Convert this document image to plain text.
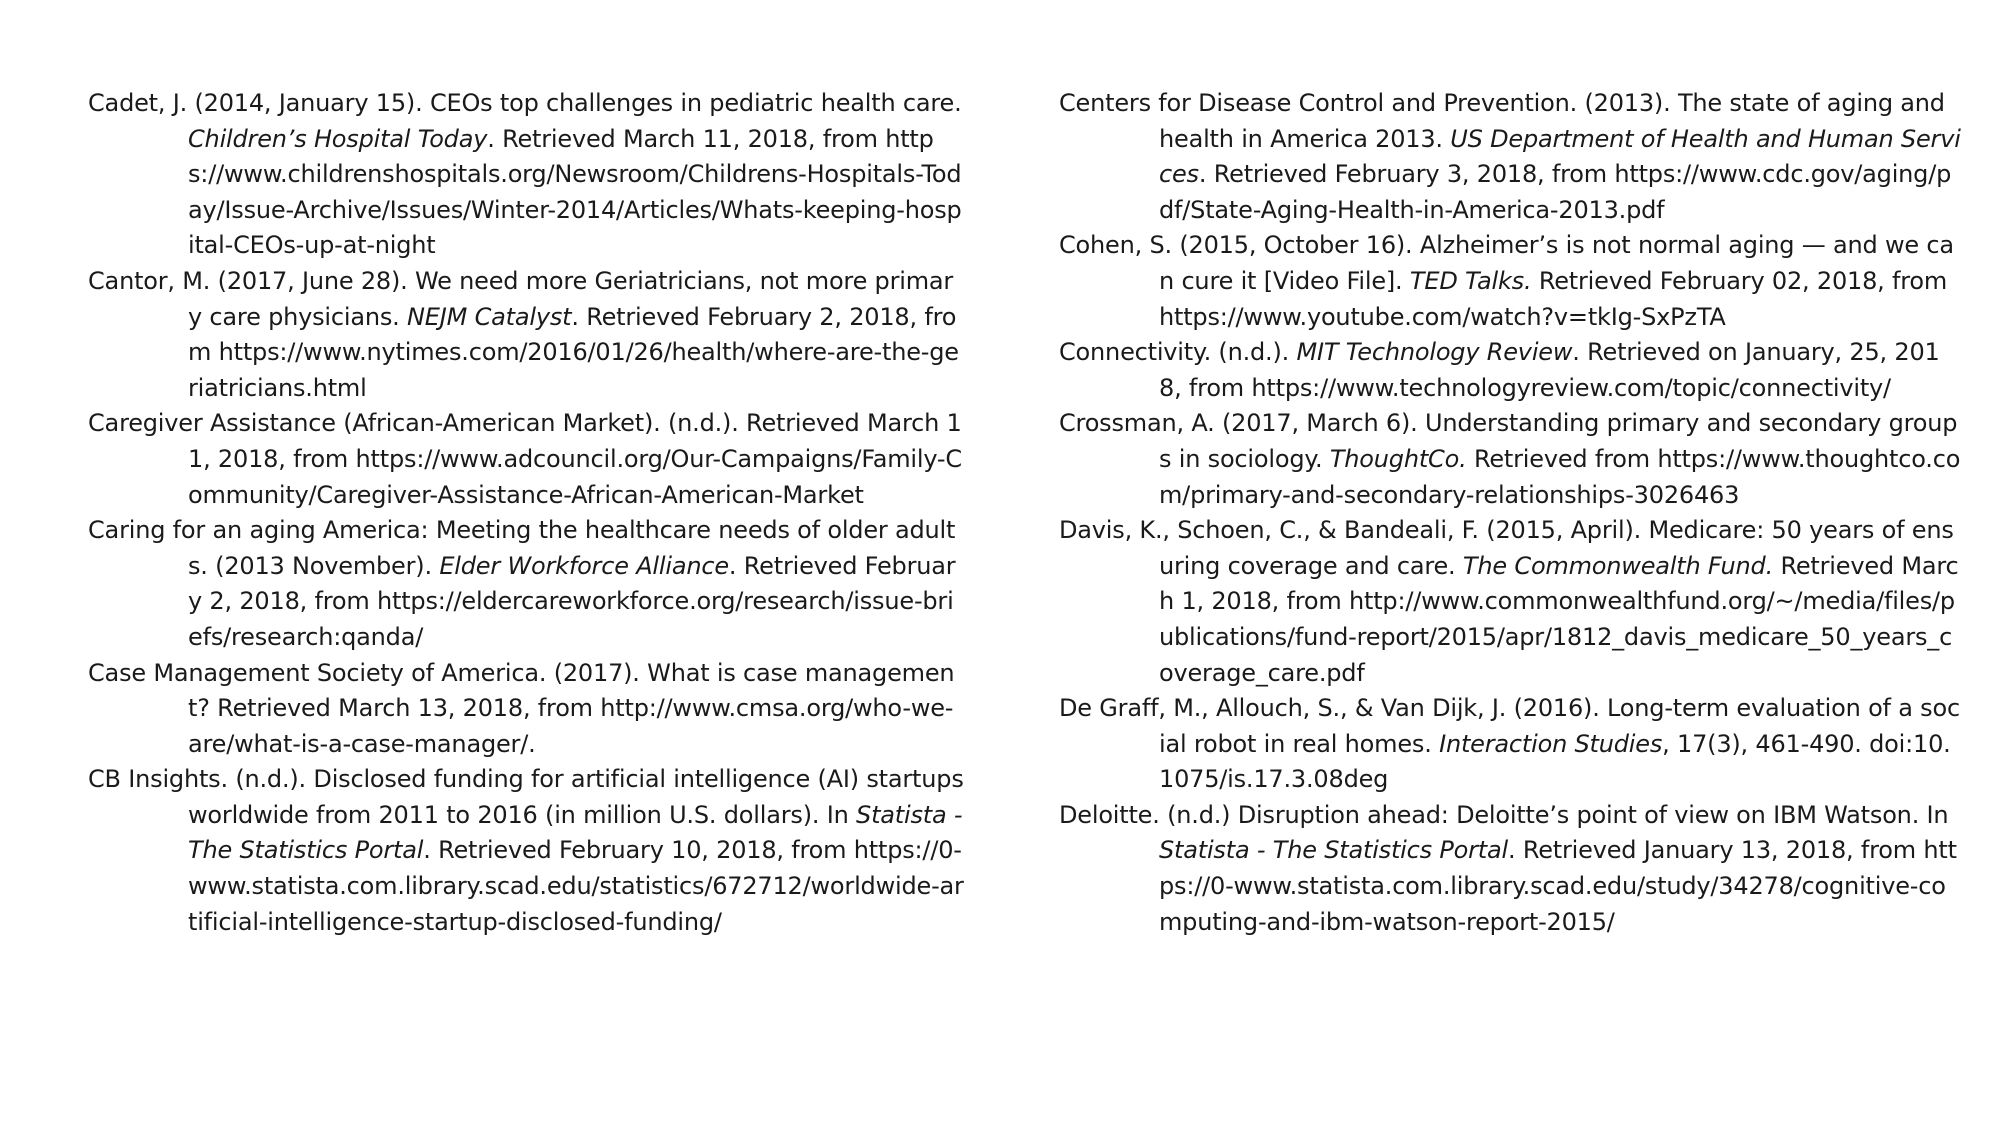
Cadet, J. (2014, January 15). CEOs top challenges in pediatric health care. Children’s Hospital Today. Retrieved March 11, 2018, from https://www.childrenshospitals.org/Newsroom/Childrens-Hospitals-Today/Issue-Archive/Issues/Winter-2014/Articles/Whats-keeping-hospital-CEOs-up-at-night

Cantor, M. (2017, June 28). We need more Geriatricians, not more primary care physicians. NEJM Catalyst. Retrieved February 2, 2018, from https://www.nytimes.com/2016/01/26/health/where-are-the-geriatricians.html

Caregiver Assistance (African-American Market). (n.d.). Retrieved March 11, 2018, from https://www.adcouncil.org/Our-Campaigns/Family-Community/Caregiver-Assistance-African-American-Market

Caring for an aging America: Meeting the healthcare needs of older adults. (2013 November). Elder Workforce Alliance. Retrieved February 2, 2018, from https://eldercareworkforce.org/research/issue-briefs/research:qanda/

Case Management Society of America. (2017). What is case management? Retrieved March 13, 2018, from http://www.cmsa.org/who-we-are/what-is-a-case-manager/.

CB Insights. (n.d.). Disclosed funding for artificial intelligence (AI) startups worldwide from 2011 to 2016 (in million U.S. dollars). In Statista - The Statistics Portal. Retrieved February 10, 2018, from https://0-www.statista.com.library.scad.edu/statistics/672712/worldwide-artificial-intelligence-startup-disclosed-funding/

Centers for Disease Control and Prevention. (2013). The state of aging and health in America 2013. US Department of Health and Human Services. Retrieved February 3, 2018, from https://www.cdc.gov/aging/pdf/State-Aging-Health-in-America-2013.pdf

Cohen, S. (2015, October 16). Alzheimer’s is not normal aging — and we can cure it [Video File]. TED Talks. Retrieved February 02, 2018, from https://www.youtube.com/watch?v=tkIg-SxPzTA

Connectivity. (n.d.). MIT Technology Review. Retrieved on January, 25, 2018, from https://www.technologyreview.com/topic/connectivity/

Crossman, A. (2017, March 6). Understanding primary and secondary groups in sociology. ThoughtCo. Retrieved from https://www.thoughtco.com/primary-and-secondary-relationships-3026463

Davis, K., Schoen, C., & Bandeali, F. (2015, April). Medicare: 50 years of ensuring coverage and care. The Commonwealth Fund. Retrieved March 1, 2018, from http://www.commonwealthfund.org/~/media/files/publications/fund-report/2015/apr/1812_davis_medicare_50_years_coverage_care.pdf

De Graff, M., Allouch, S., & Van Dijk, J. (2016). Long-term evaluation of a social robot in real homes. Interaction Studies, 17(3), 461-490. doi:10.1075/is.17.3.08deg

Deloitte. (n.d.) Disruption ahead: Deloitte’s point of view on IBM Watson. In Statista - The Statistics Portal. Retrieved January 13, 2018, from https://0-www.statista.com.library.scad.edu/study/34278/cognitive-computing-and-ibm-watson-report-2015/
